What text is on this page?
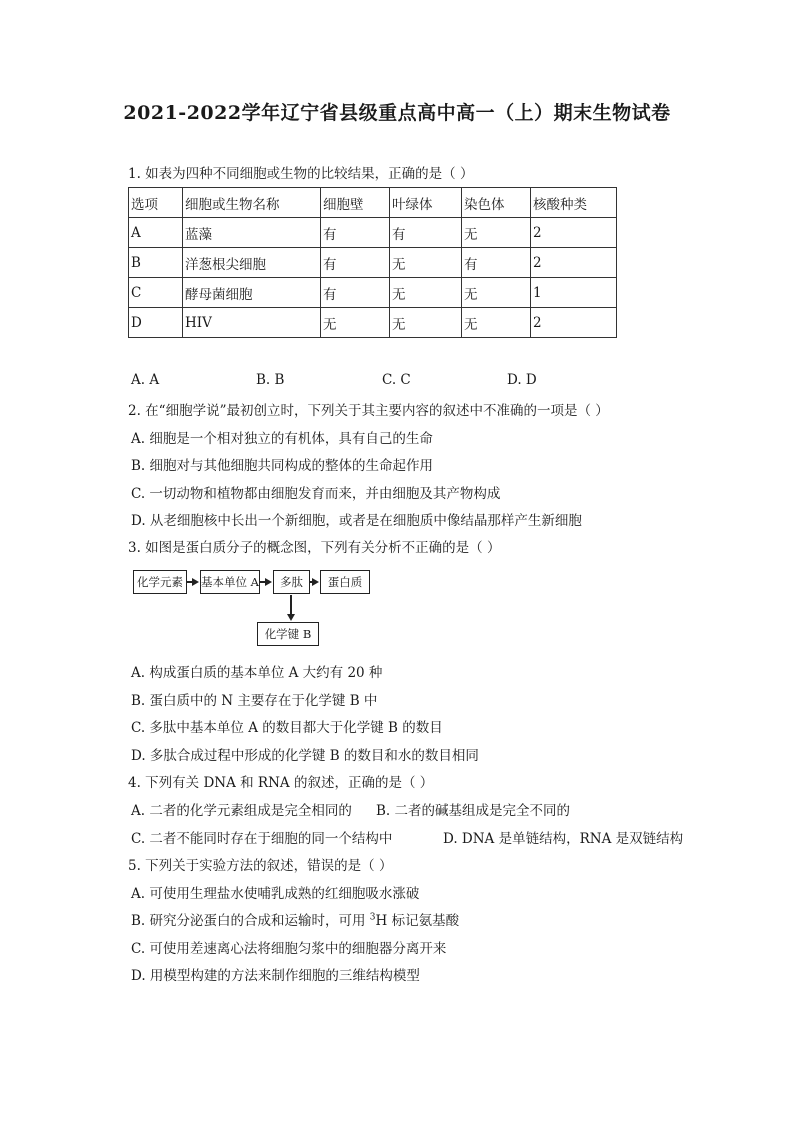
2021-2022学年辽宁省县级重点高中高一（上）期末生物试卷
1. 如表为四种不同细胞或生物的比较结果，正确的是（ ）
选项	细胞或生物名称	细胞壁	叶绿体	染色体	核酸种类
A	蓝藻	有	有	无	2
B	洋葱根尖细胞	有	无	有	2
C	酵母菌细胞	有	无	无	1
D	HIV	无	无	无	2
A. A	B. B	C. C	D. D
2. 在“细胞学说”最初创立时，下列关于其主要内容的叙述中不准确的一项是（ ）
A. 细胞是一个相对独立的有机体，具有自己的生命
B. 细胞对与其他细胞共同构成的整体的生命起作用
C. 一切动物和植物都由细胞发育而来，并由细胞及其产物构成
D. 从老细胞核中长出一个新细胞，或者是在细胞质中像结晶那样产生新细胞
3. 如图是蛋白质分子的概念图，下列有关分析不正确的是（ ）
化学元素	基本单位 A	多肽	蛋白质
化学键 B
A. 构成蛋白质的基本单位 A 大约有 20 种
B. 蛋白质中的 N 主要存在于化学键 B 中
C. 多肽中基本单位 A 的数目都大于化学键 B 的数目
D. 多肽合成过程中形成的化学键 B 的数目和水的数目相同
4. 下列有关 DNA 和 RNA 的叙述，正确的是（ ）
A. 二者的化学元素组成是完全相同的 B. 二者的碱基组成是完全不同的
C. 二者不能同时存在于细胞的同一个结构中	D. DNA 是单链结构，RNA 是双链结构
5. 下列关于实验方法的叙述，错误的是（ ）
A. 可使用生理盐水使哺乳成熟的红细胞吸水涨破
B. 研究分泌蛋白的合成和运输时，可用 $^3$H 标记氨基酸
C. 可使用差速离心法将细胞匀浆中的细胞器分离开来
D. 用模型构建的方法来制作细胞的三维结构模型
